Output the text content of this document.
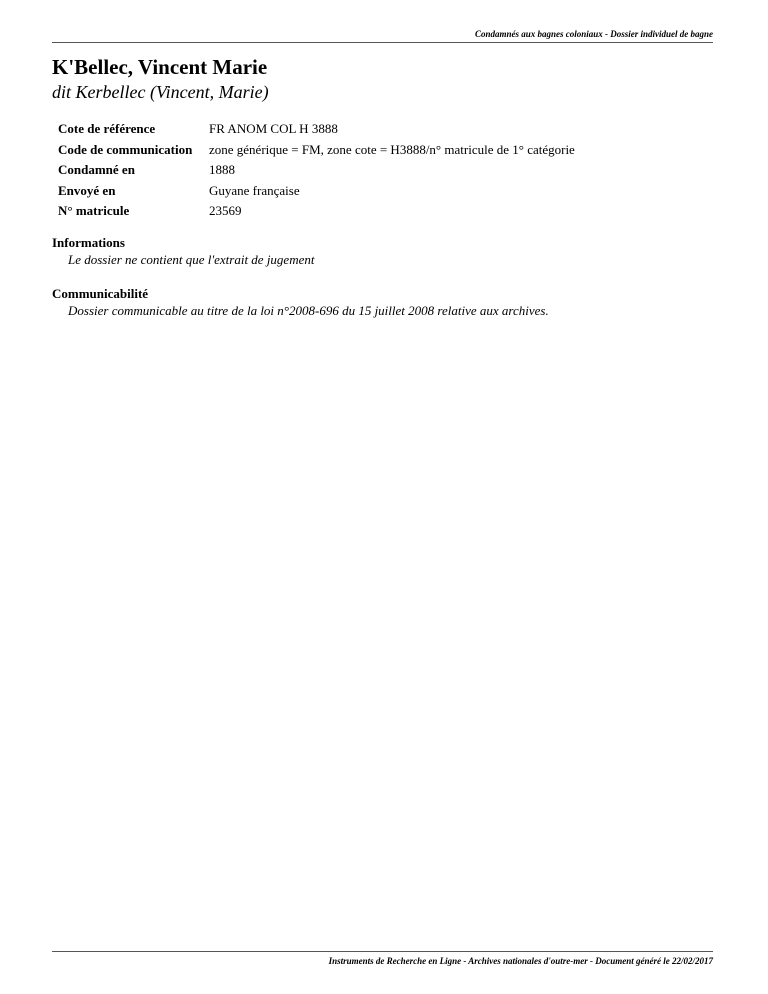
Condamnés aux bagnes coloniaux - Dossier individuel de bagne
K'Bellec, Vincent Marie
dit Kerbellec (Vincent, Marie)
Cote de référence	FR ANOM COL H 3888
Code de communication	zone générique = FM, zone cote = H3888/n° matricule de 1° catégorie
Condamné en	1888
Envoyé en	Guyane française
N° matricule	23569
Informations
Le dossier ne contient que l'extrait de jugement
Communicabilité
Dossier communicable au titre de la loi n°2008-696 du 15 juillet 2008 relative aux archives.
Instruments de Recherche en Ligne - Archives nationales d'outre-mer - Document généré le 22/02/2017
